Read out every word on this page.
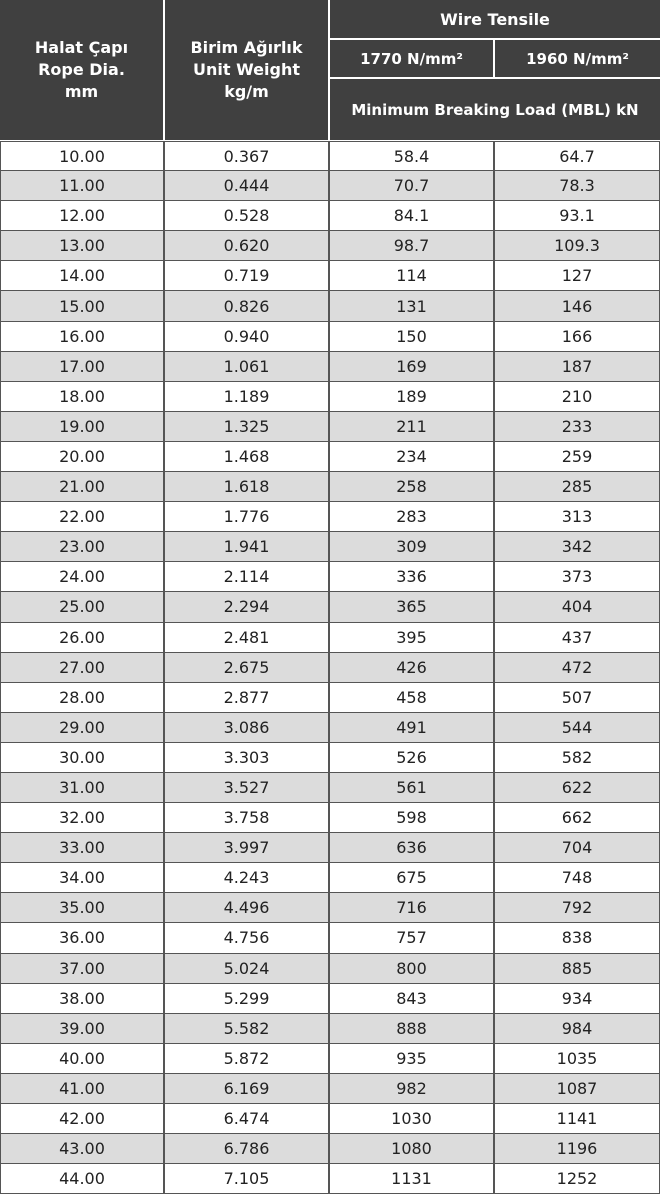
Halat Çapı
Rope Dia.
mm
Birim Ağırlık
Unit Weight
kg/m
Wire Tensile
1770 N/mm²	1960 N/mm²
Minimum Breaking Load (MBL) kN
10.00	0.367	58.4	64.7
11.00	0.444	70.7	78.3
12.00	0.528	84.1	93.1
13.00	0.620	98.7	109.3
14.00	0.719	114	127
15.00	0.826	131	146
16.00	0.940	150	166
17.00	1.061	169	187
18.00	1.189	189	210
19.00	1.325	211	233
20.00	1.468	234	259
21.00	1.618	258	285
22.00	1.776	283	313
23.00	1.941	309	342
24.00	2.114	336	373
25.00	2.294	365	404
26.00	2.481	395	437
27.00	2.675	426	472
28.00	2.877	458	507
29.00	3.086	491	544
30.00	3.303	526	582
31.00	3.527	561	622
32.00	3.758	598	662
33.00	3.997	636	704
34.00	4.243	675	748
35.00	4.496	716	792
36.00	4.756	757	838
37.00	5.024	800	885
38.00	5.299	843	934
39.00	5.582	888	984
40.00	5.872	935	1035
41.00	6.169	982	1087
42.00	6.474	1030	1141
43.00	6.786	1080	1196
44.00	7.105	1131	1252
